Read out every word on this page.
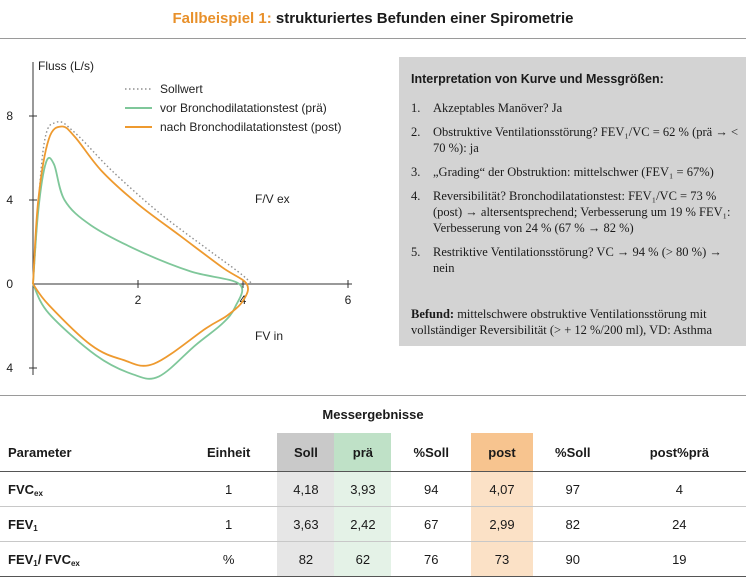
Fallbeispiel 1: strukturiertes Befunden einer Spirometrie
Fluss (L/s)
2	4	6
8
4
0
4
Sollwert
vor Bronchodilatationstest (prä)
nach Bronchodilatationstest (post)
F/V ex
FV in
Interpretation von Kurve und Messgrößen:
1.	Akzeptables Manöver? Ja
2.	Obstruktive Ventilationsstörung? FEV₁/VC = 62 % (prä → < 70 %): ja
3.	„Grading“ der Obstruktion: mittelschwer (FEV₁ = 67%)
4.	Reversibilität? Bronchodilatationstest: FEV₁/VC = 73 % (post) → altersentsprechend; Verbesserung um 19 % FEV₁: Verbesserung von 24 % (67 % → 82 %)
5.	Restriktive Ventilationsstörung? VC → 94 % (> 80 %) → nein
Befund: mittelschwere obstruktive Ventilationsstörung mit vollständiger Reversibilität (> + 12 %/200 ml), VD: Asthma
Messergebnisse
Parameter	Einheit	Soll	prä	%Soll	post	%Soll	post%prä
$FVC_{ex}$	1	4,18	3,93	94	4,07	97	4
$FEV_1$	1	3,63	2,42	67	2,99	82	24
$FEV_1/$ $FVC_{ex}$	%	82	62	76	73	90	19
